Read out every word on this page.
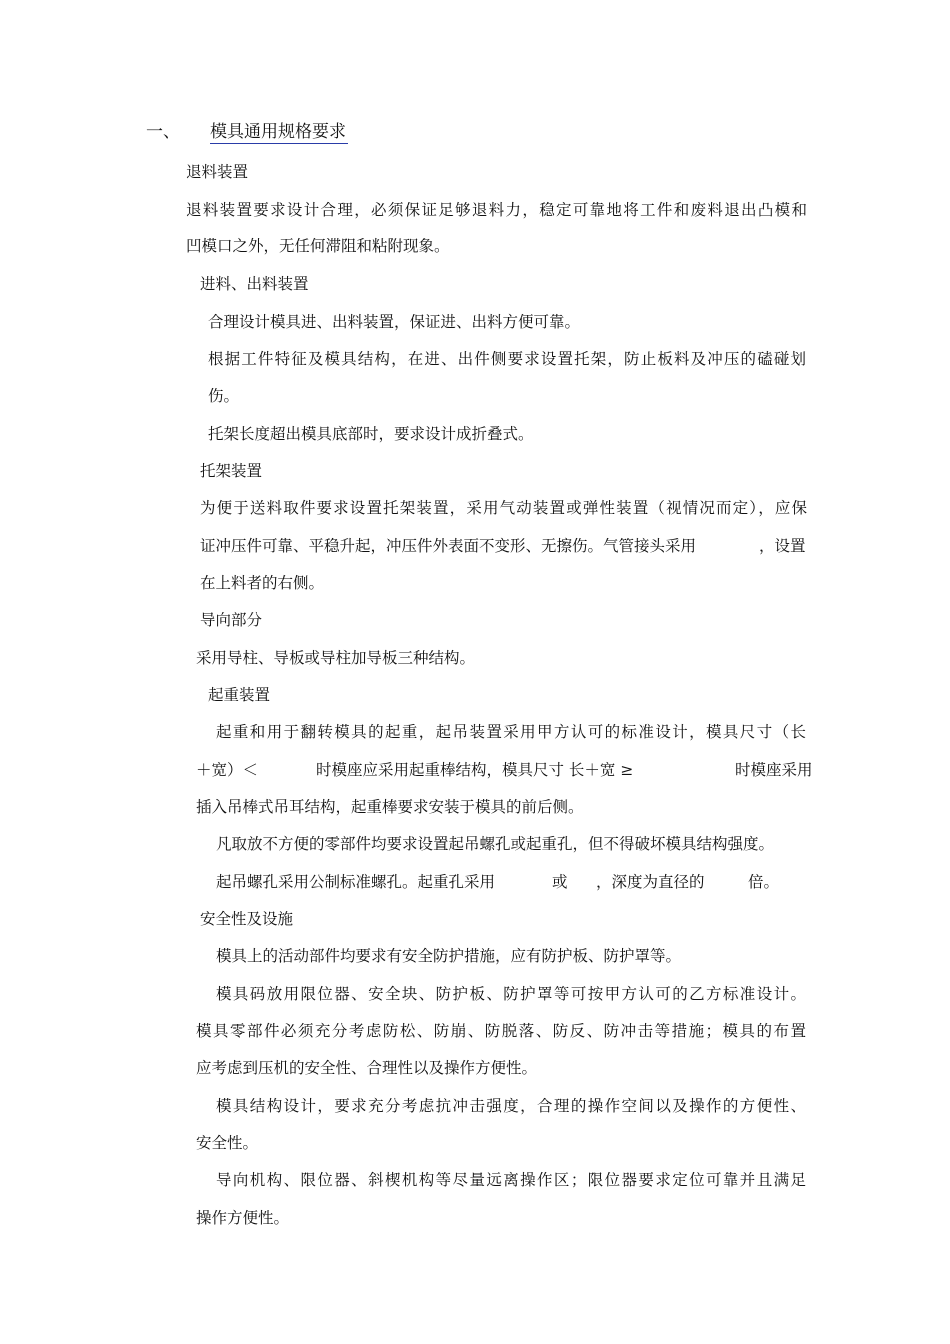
一、 模具通用规格要求
退料装置
退料装置要求设计合理，必须保证足够退料力，稳定可靠地将工件和废料退出凸模和
凹模口之外，无任何滞阻和粘附现象。
进料、出料装置
合理设计模具进、出料装置，保证进、出料方便可靠。
根据工件特征及模具结构，在进、出件侧要求设置托架，防止板料及冲压的磕碰划
伤。
托架长度超出模具底部时，要求设计成折叠式。
托架装置
为便于送料取件要求设置托架装置，采用气动装置或弹性装置（视情况而定），应保
证冲压件可靠、平稳升起，冲压件外表面不变形、无擦伤。气管接头采用	，设置
在上料者的右侧。
导向部分
采用导柱、导板或导柱加导板三种结构。
起重装置
起重和用于翻转模具的起重，起吊装置采用甲方认可的标准设计，模具尺寸（长
＋宽）＜	时模座应采用起重棒结构，模具尺寸 长＋宽 ≥	时模座采用
插入吊棒式吊耳结构，起重棒要求安装于模具的前后侧。
凡取放不方便的零部件均要求设置起吊螺孔或起重孔，但不得破坏模具结构强度。
起吊螺孔采用公制标准螺孔。起重孔采用	或 ，深度为直径的	倍。
安全性及设施
模具上的活动部件均要求有安全防护措施，应有防护板、防护罩等。
模具码放用限位器、安全块、防护板、防护罩等可按甲方认可的乙方标准设计。
模具零部件必须充分考虑防松、防崩、防脱落、防反、防冲击等措施；模具的布置
应考虑到压机的安全性、合理性以及操作方便性。
模具结构设计，要求充分考虑抗冲击强度，合理的操作空间以及操作的方便性、
安全性。
导向机构、限位器、斜楔机构等尽量远离操作区；限位器要求定位可靠并且满足
操作方便性。
